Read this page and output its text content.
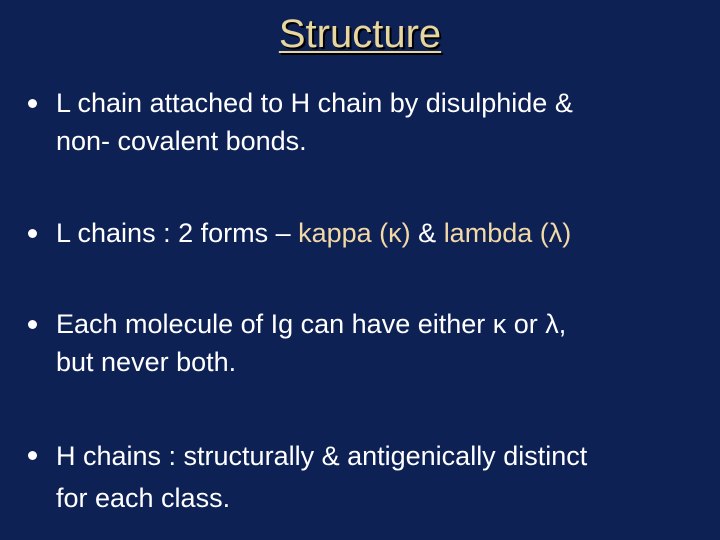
Structure
L chain attached to H chain by disulphide &
non- covalent bonds.
L chains : 2 forms – kappa (κ) & lambda (λ)
Each molecule of Ig can have either κ or λ,
but never both.
H chains : structurally & antigenically distinct
for each class.
